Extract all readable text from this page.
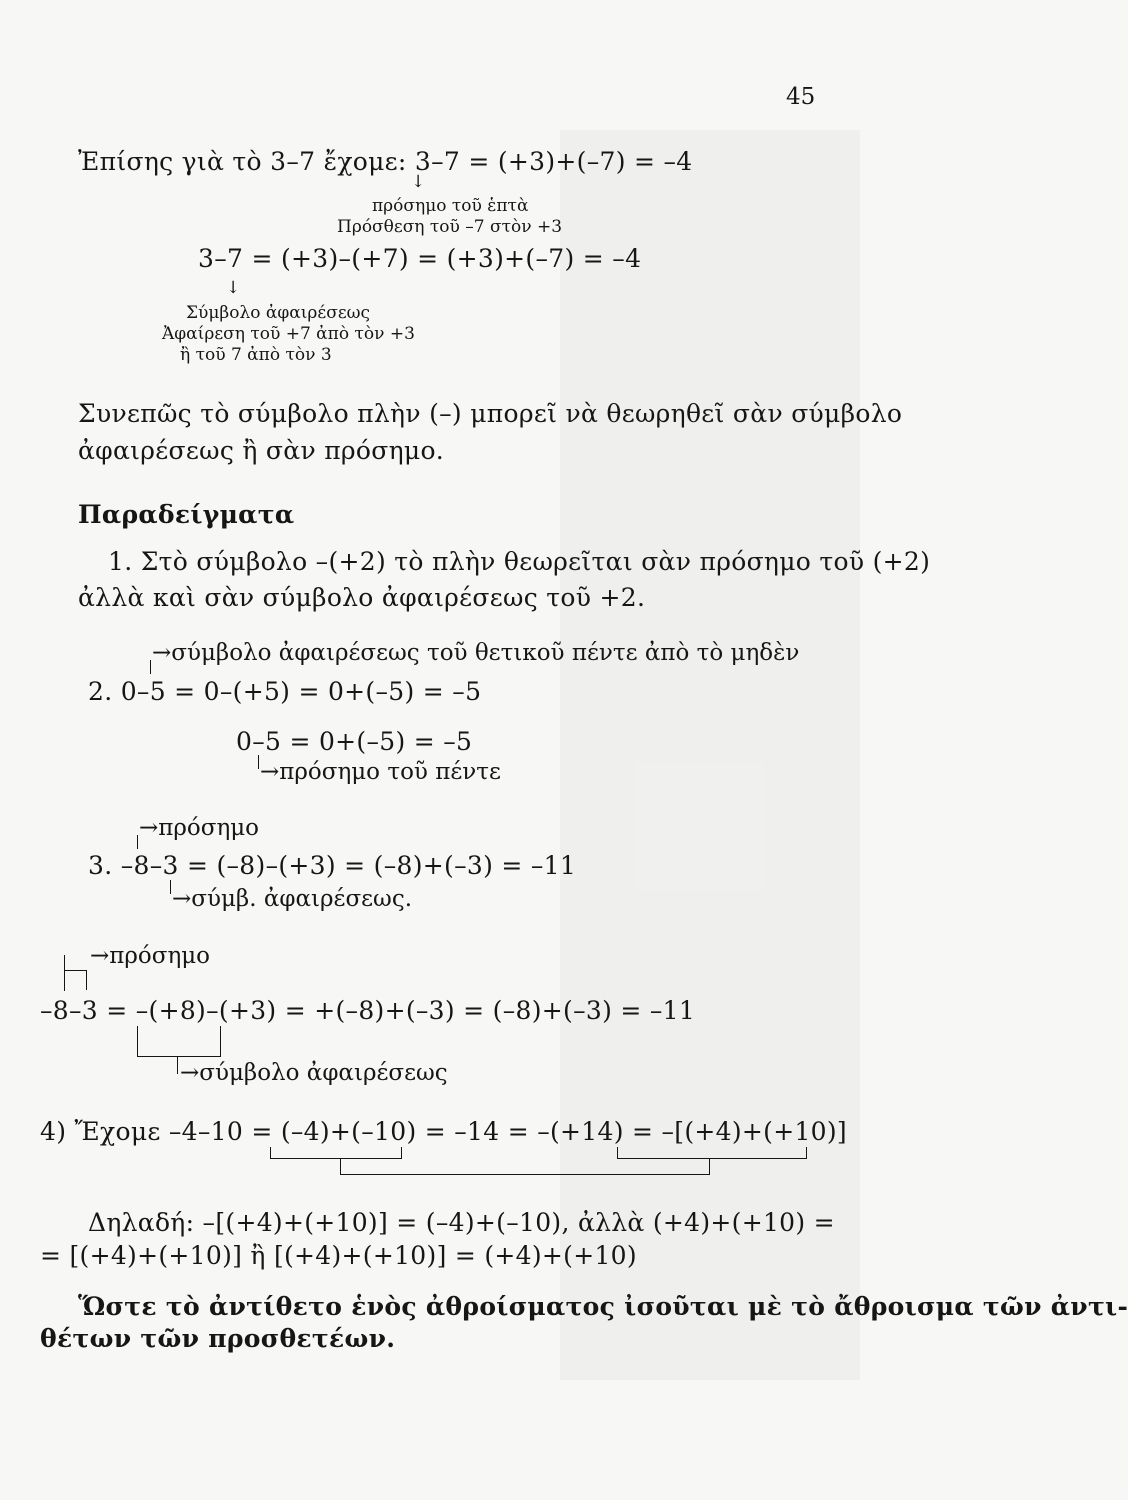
45
Ἐπίσης γιὰ τὸ 3–7 ἔχομε: 3–7 = (+3)+(–7) = –4
↓
πρόσημο τοῦ ἑπτὰ
Πρόσθεση τοῦ –7 στὸν +3
3–7 = (+3)–(+7) = (+3)+(–7) = –4
↓
Σύμβολο ἀφαιρέσεως
Ἀφαίρεση τοῦ +7 ἀπὸ τὸν +3
ἢ τοῦ 7 ἀπὸ τὸν 3
Συνεπῶς τὸ σύμβολο πλὴν (–) μπορεῖ νὰ θεωρηθεῖ σὰν σύμβολο
ἀφαιρέσεως ἢ σὰν πρόσημο.
Παραδείγματα
1. Στὸ σύμβολο –(+2) τὸ πλὴν θεωρεῖται σὰν πρόσημο τοῦ (+2)
ἀλλὰ καὶ σὰν σύμβολο ἀφαιρέσεως τοῦ +2.
→σύμβολο ἀφαιρέσεως τοῦ θετικοῦ πέντε ἀπὸ τὸ μηδὲν
2. 0–5 = 0–(+5) = 0+(–5) = –5
0–5 = 0+(–5) = –5
→πρόσημο τοῦ πέντε
→πρόσημο
3. –8–3 = (–8)–(+3) = (–8)+(–3) = –11
→σύμβ. ἀφαιρέσεως.
→πρόσημο
–8–3 = –(+8)–(+3) = +(–8)+(–3) = (–8)+(–3) = –11
→σύμβολο ἀφαιρέσεως
4) Ἔχομε –4–10 = (–4)+(–10) = –14 = –(+14) = –[(+4)+(+10)]
Δηλαδή: –[(+4)+(+10)] = (–4)+(–10), ἀλλὰ (+4)+(+10) =
= [(+4)+(+10)] ἢ [(+4)+(+10)] = (+4)+(+10)
Ὥστε τὸ ἀντίθετο ἑνὸς ἀθροίσματος ἰσοῦται μὲ τὸ ἄθροισμα τῶν ἀντι-
θέτων τῶν προσθετέων.
